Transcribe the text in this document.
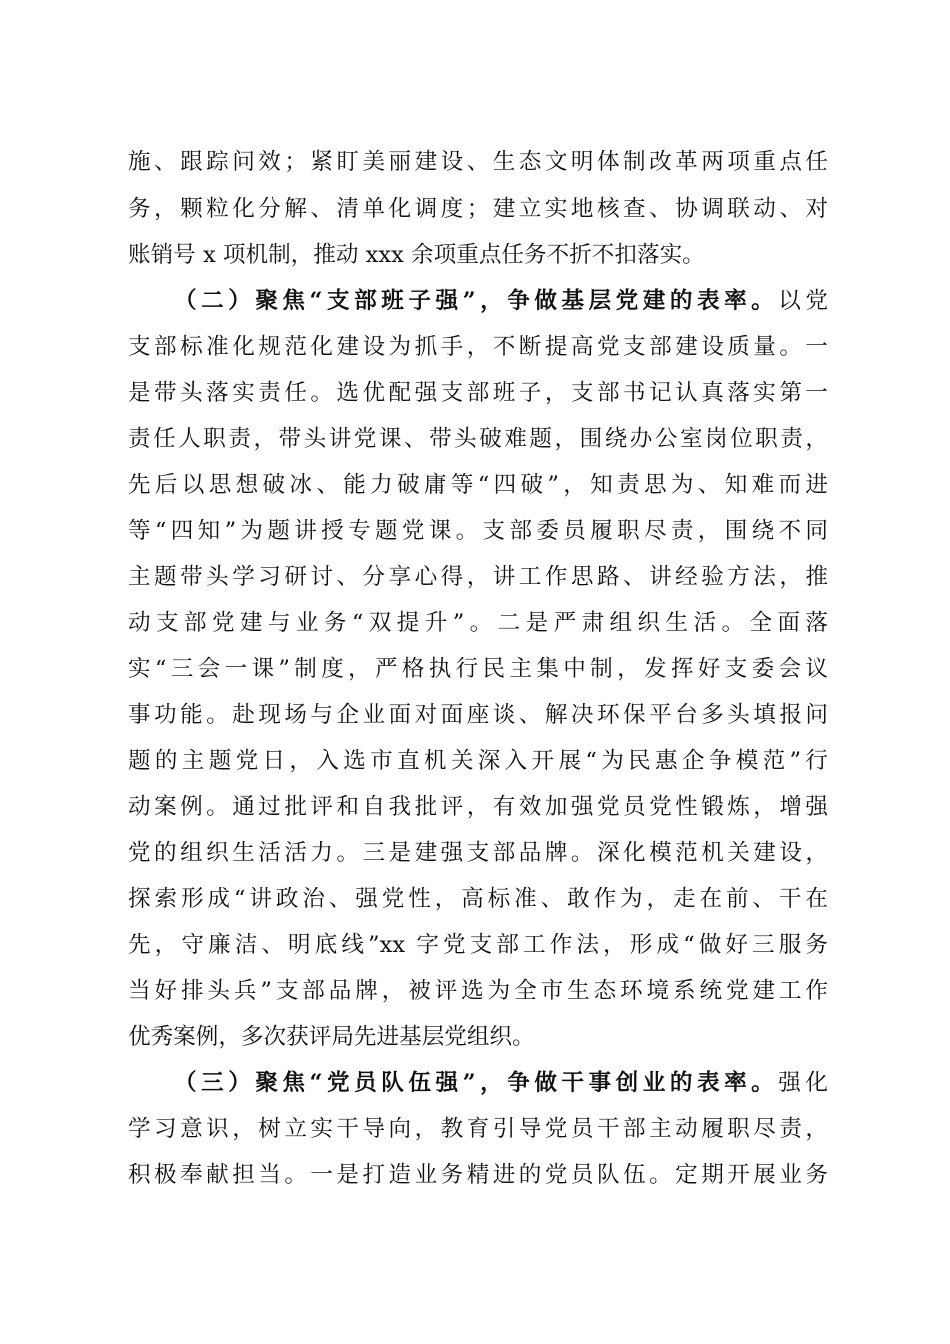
施、跟踪问效；紧盯美丽建设、生态文明体制改革两项重点任
务，颗粒化分解、清单化调度；建立实地核查、协调联动、对
账销号 x 项机制，推动 xxx 余项重点任务不折不扣落实。
（二）聚焦“支部班子强”，争做基层党建的表率。以党
支部标准化规范化建设为抓手，不断提高党支部建设质量。一
是带头落实责任。选优配强支部班子，支部书记认真落实第一
责任人职责，带头讲党课、带头破难题，围绕办公室岗位职责，
先后以思想破冰、能力破庸等“四破”，知责思为、知难而进
等“四知”为题讲授专题党课。支部委员履职尽责，围绕不同
主题带头学习研讨、分享心得，讲工作思路、讲经验方法，推
动支部党建与业务“双提升”。二是严肃组织生活。全面落
实“三会一课”制度，严格执行民主集中制，发挥好支委会议
事功能。赴现场与企业面对面座谈、解决环保平台多头填报问
题的主题党日，入选市直机关深入开展“为民惠企争模范”行
动案例。通过批评和自我批评，有效加强党员党性锻炼，增强
党的组织生活活力。三是建强支部品牌。深化模范机关建设，
探索形成“讲政治、强党性，高标准、敢作为，走在前、干在
先，守廉洁、明底线”xx 字党支部工作法，形成“做好三服务
当好排头兵”支部品牌，被评选为全市生态环境系统党建工作
优秀案例，多次获评局先进基层党组织。
（三）聚焦“党员队伍强”，争做干事创业的表率。强化
学习意识，树立实干导向，教育引导党员干部主动履职尽责，
积极奉献担当。一是打造业务精进的党员队伍。定期开展业务
